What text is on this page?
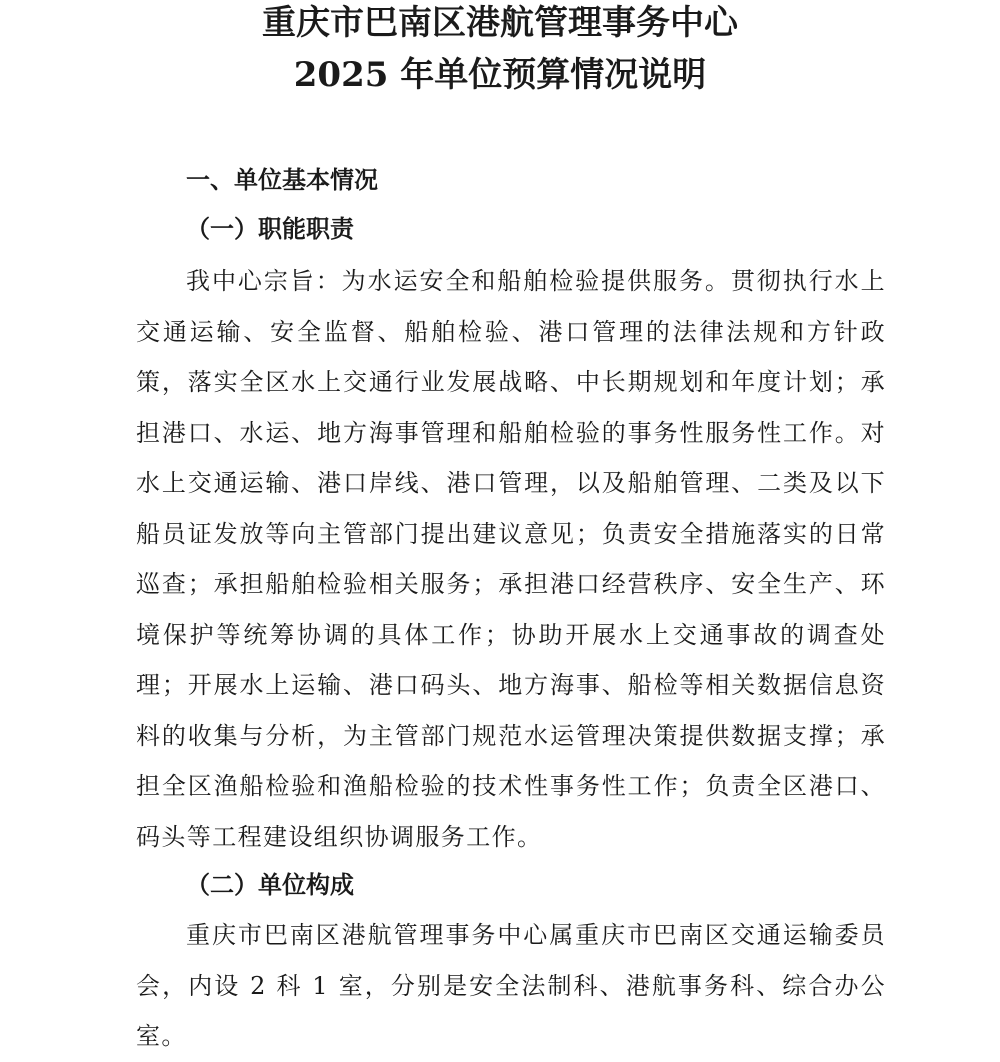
重庆市巴南区港航管理事务中心
2025 年单位预算情况说明
一、单位基本情况
（一）职能职责

我中心宗旨：为水运安全和船舶检验提供服务。贯彻执行水上交通运输、安全监督、船舶检验、港口管理的法律法规和方针政策，落实全区水上交通行业发展战略、中长期规划和年度计划；承担港口、水运、地方海事管理和船舶检验的事务性服务性工作。对水上交通运输、港口岸线、港口管理，以及船舶管理、二类及以下船员证发放等向主管部门提出建议意见；负责安全措施落实的日常巡查；承担船舶检验相关服务；承担港口经营秩序、安全生产、环境保护等统筹协调的具体工作；协助开展水上交通事故的调查处理；开展水上运输、港口码头、地方海事、船检等相关数据信息资料的收集与分析，为主管部门规范水运管理决策提供数据支撑；承担全区渔船检验和渔船检验的技术性事务性工作；负责全区港口、码头等工程建设组织协调服务工作。

（二）单位构成

重庆市巴南区港航管理事务中心属重庆市巴南区交通运输委员会，内设 2 科 1 室，分别是安全法制科、港航事务科、综合办公室。
